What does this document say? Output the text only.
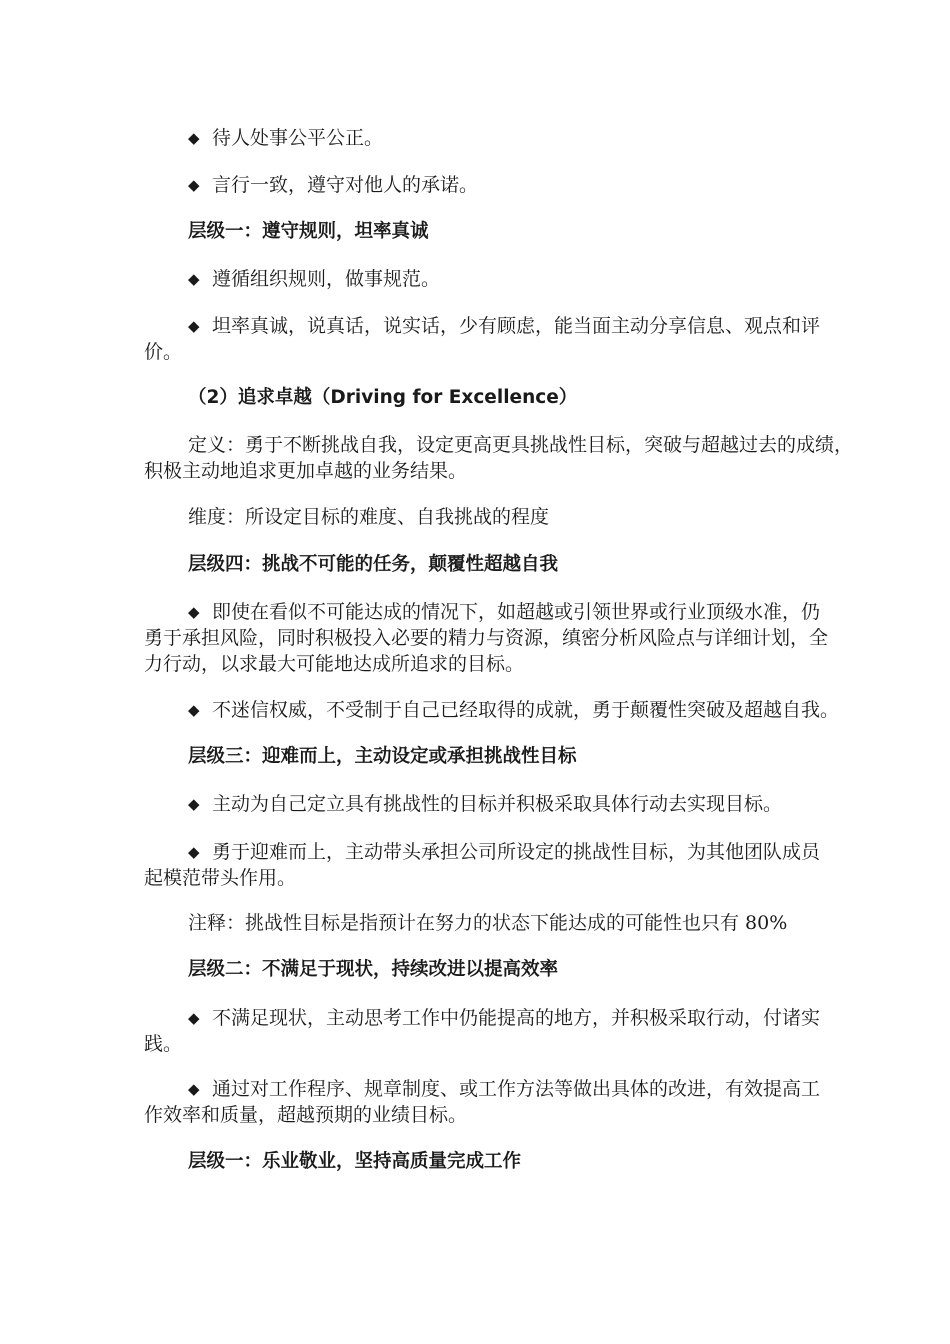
◆ 待人处事公平公正。
◆ 言行一致，遵守对他人的承诺。
层级一：遵守规则，坦率真诚
◆ 遵循组织规则，做事规范。
◆ 坦率真诚，说真话，说实话，少有顾虑，能当面主动分享信息、观点和评
价。
（2）追求卓越（Driving for Excellence）
定义：勇于不断挑战自我，设定更高更具挑战性目标，突破与超越过去的成绩，
积极主动地追求更加卓越的业务结果。
维度：所设定目标的难度、自我挑战的程度
层级四：挑战不可能的任务，颠覆性超越自我
◆ 即使在看似不可能达成的情况下，如超越或引领世界或行业顶级水准，仍
勇于承担风险，同时积极投入必要的精力与资源，缜密分析风险点与详细计划，全
力行动，以求最大可能地达成所追求的目标。
◆ 不迷信权威，不受制于自己已经取得的成就，勇于颠覆性突破及超越自我。
层级三：迎难而上，主动设定或承担挑战性目标
◆ 主动为自己定立具有挑战性的目标并积极采取具体行动去实现目标。
◆ 勇于迎难而上，主动带头承担公司所设定的挑战性目标，为其他团队成员
起模范带头作用。
注释：挑战性目标是指预计在努力的状态下能达成的可能性也只有 80%
层级二：不满足于现状，持续改进以提高效率
◆ 不满足现状，主动思考工作中仍能提高的地方，并积极采取行动，付诸实
践。
◆ 通过对工作程序、规章制度、或工作方法等做出具体的改进，有效提高工
作效率和质量，超越预期的业绩目标。
层级一：乐业敬业，坚持高质量完成工作
